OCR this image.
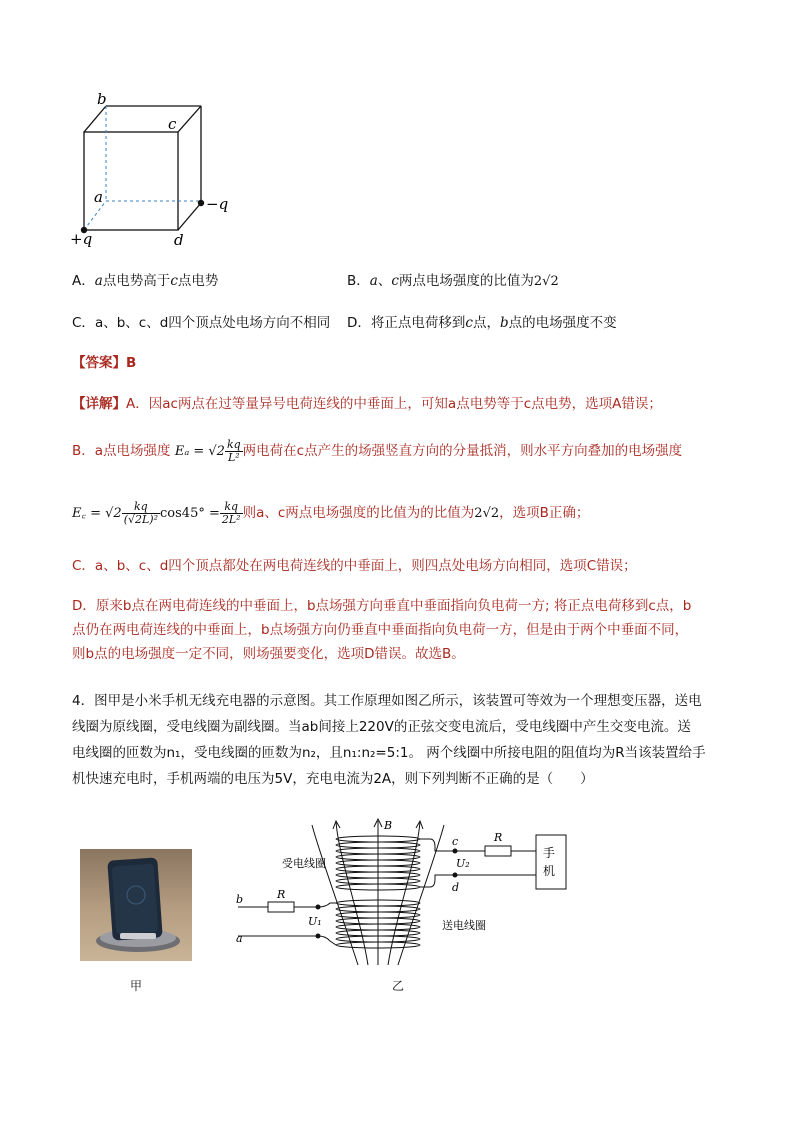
b
c
a
d
−q
+q
A．a点电势高于c点电势	B．a、c两点电场强度的比值为2√2
C．a、b、c、d四个顶点处电场方向不相同 D．将正点电荷移到c点，b点的电场强度不变
【答案】B
【详解】A．因ac两点在过等量异号电荷连线的中垂面上，可知a点电势等于c点电势，选项A错误；
B．a点电场强度 $E_a = √2 \frac{kq}{\text{L²}}$ 两电荷在c点产生的场强竖直方向的分量抵消，则水平方向叠加的电场强度
E꜀ = $√2 \frac{kq}{\text{(√2L)²}} \cos 45^\circ = \frac{kq}{\text{2L²}}$ 则a、c两点电场强度的比值为的比值为2√2，选项B正确；
C．a、b、c、d四个顶点都处在两电荷连线的中垂面上，则四点处电场方向相同，选项C错误；
D．原来b点在两电荷连线的中垂面上，b点场强方向垂直中垂面指向负电荷一方; 将正点电荷移到c点，b
点仍在两电荷连线的中垂面上，b点场强方向仍垂直中垂面指向负电荷一方，但是由于两个中垂面不同，
则b点的电场强度一定不同，则场强要变化，选项D错误。故选B。
4．图甲是小米手机无线充电器的示意图。其工作原理如图乙所示，该装置可等效为一个理想变压器，送电
线圈为原线圈，受电线圈为副线圈。当ab间接上220V的正弦交变电流后，受电线圈中产生交变电流。送
电线圈的匝数为n₁，受电线圈的匝数为n₂，且n₁:n₂=5:1。 两个线圈中所接电阻的阻值均为R当该装置给手
机快速充电时，手机两端的电压为5V，充电电流为2A，则下列判断不正确的是（　　）
甲
B
受电线圈
送电线圈
c
d
R
U₂
手
机
b
a
R
U₁
乙
